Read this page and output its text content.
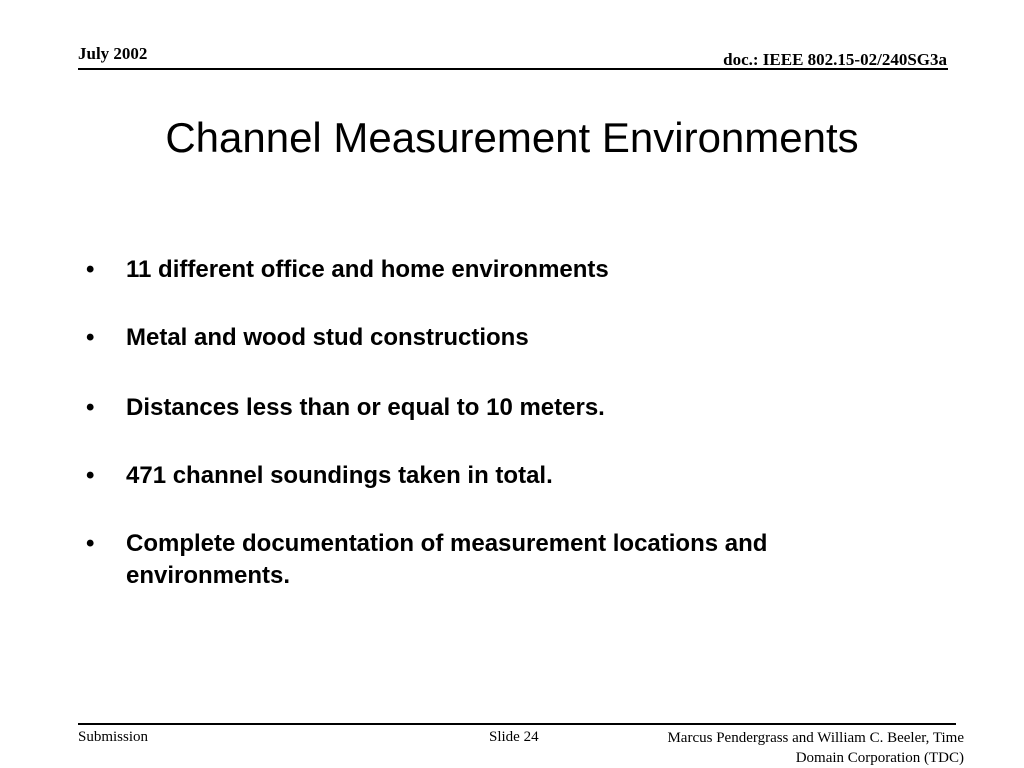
July 2002	doc.: IEEE 802.15-02/240SG3a
Channel Measurement Environments
•	11 different office and home environments
•	Metal and wood stud constructions
•	Distances less than or equal to 10 meters.
•	471 channel soundings taken in total.
•	Complete documentation of measurement locations and environments.
Submission	Slide 24	Marcus Pendergrass and William C. Beeler, Time
Domain Corporation (TDC)
